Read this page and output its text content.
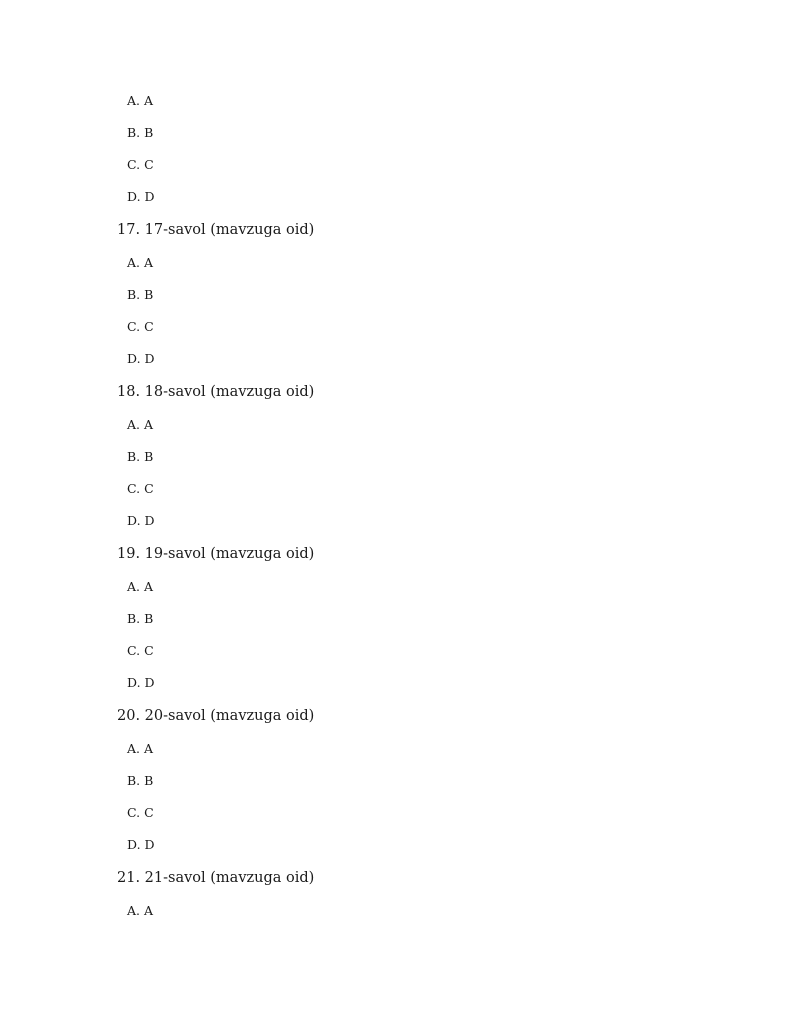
A. A
B. B
C. C
D. D
17. 17-savol (mavzuga oid)
A. A
B. B
C. C
D. D
18. 18-savol (mavzuga oid)
A. A
B. B
C. C
D. D
19. 19-savol (mavzuga oid)
A. A
B. B
C. C
D. D
20. 20-savol (mavzuga oid)
A. A
B. B
C. C
D. D
21. 21-savol (mavzuga oid)
A. A
